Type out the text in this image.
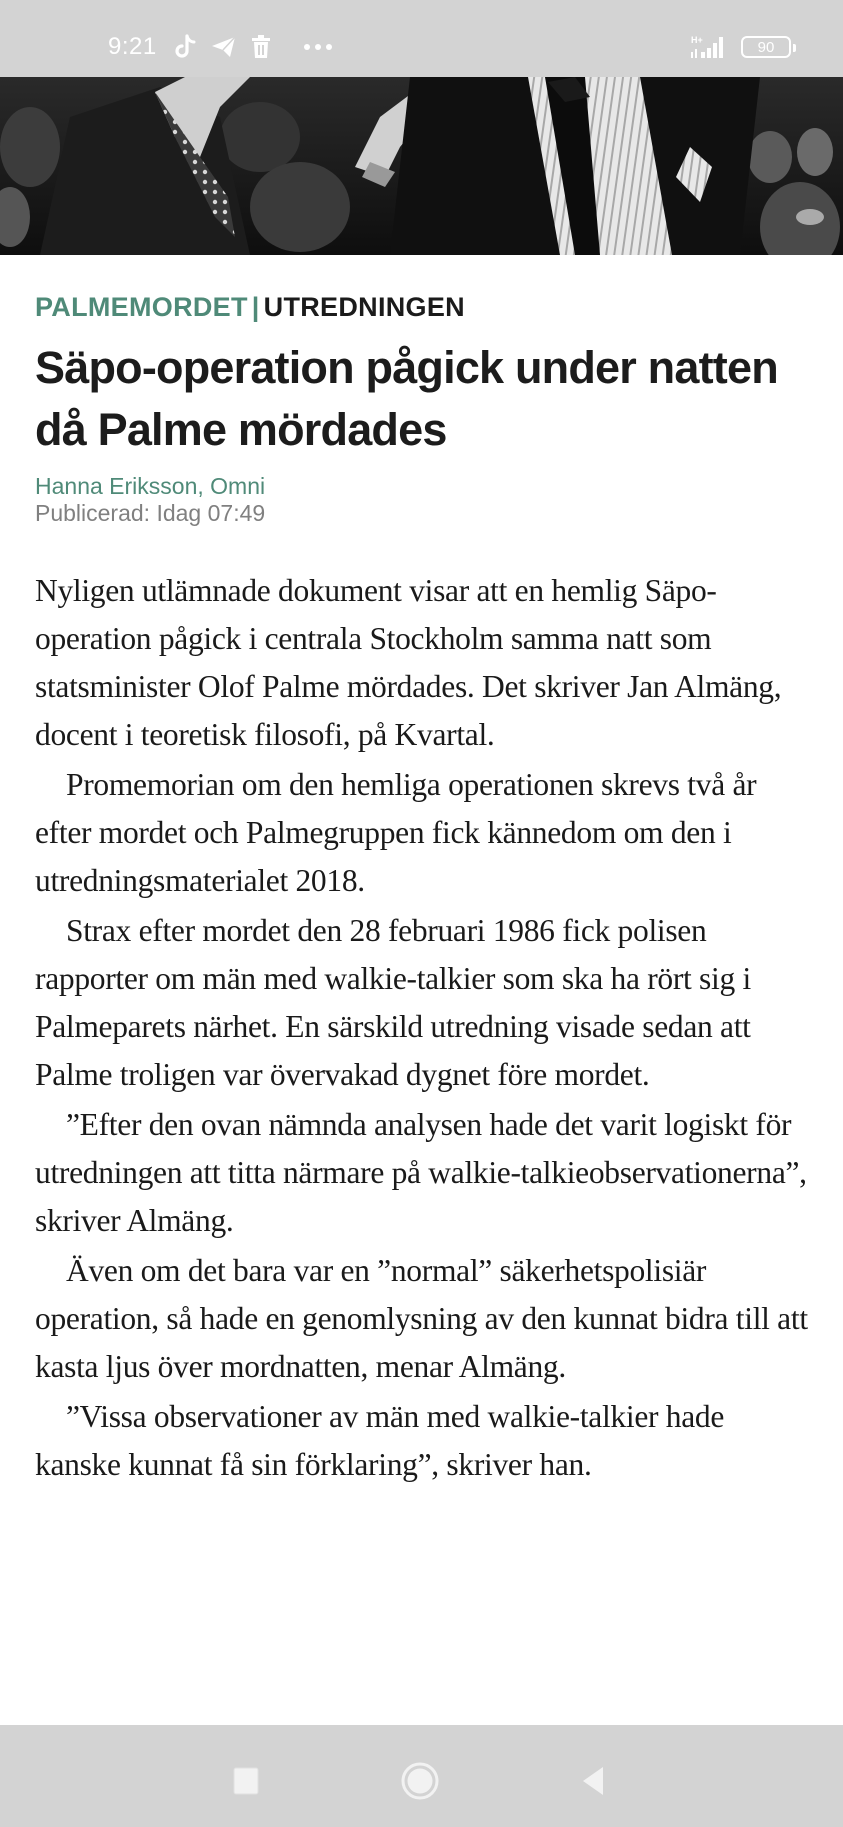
9:21	H+	90
PALMEMORDET | UTREDNINGEN
Säpo-operation pågick under natten då Palme mördades
Hanna Eriksson, Omni
Publicerad: Idag 07:49

Nyligen utlämnade dokument visar att en hemlig Säpo-operation pågick i centrala Stockholm samma natt som statsminister Olof Palme mördades. Det skriver Jan Almäng, docent i teoretisk filosofi, på Kvartal.

Promemorian om den hemliga operationen skrevs två år efter mordet och Palmegruppen fick kännedom om den i utredningsmaterialet 2018.

Strax efter mordet den 28 februari 1986 fick polisen rapporter om män med walkie-talkier som ska ha rört sig i Palmeparets närhet. En särskild utredning visade sedan att Palme troligen var övervakad dygnet före mordet.

”Efter den ovan nämnda analysen hade det varit logiskt för utredningen att titta närmare på walkie-talkieobservationerna”, skriver Almäng.

Även om det bara var en ”normal” säkerhetspolisiär operation, så hade en genomlysning av den kunnat bidra till att kasta ljus över mordnatten, menar Almäng.

”Vissa observationer av män med walkie-talkier hade kanske kunnat få sin förklaring”, skriver han.
